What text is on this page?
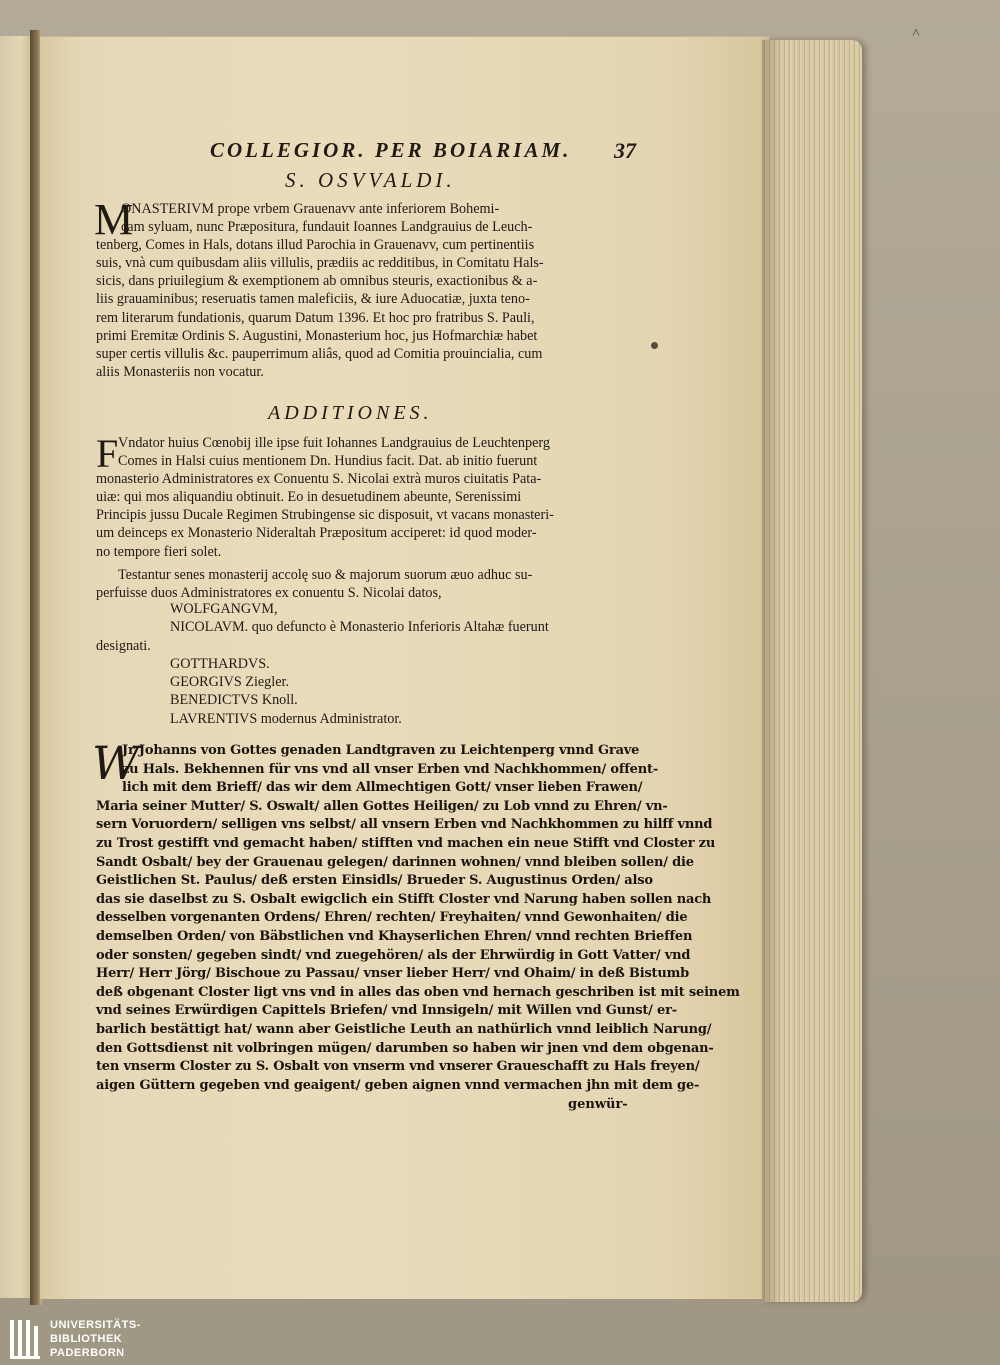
˄
COLLEGIOR. PER BOIARIAM. 37
S. OSVVALDI.
M
ONASTERIVM prope vrbem Grauenavv ante inferiorem Bohemi-
cam syluam, nunc Præpositura, fundauit Ioannes Landgrauius de Leuch-
tenberg, Comes in Hals, dotans illud Parochia in Grauenavv, cum pertinentiis
suis, vnà cum quibusdam aliis villulis, prædiis ac redditibus, in Comitatu Hals-
sicis, dans priuilegium & exemptionem ab omnibus steuris, exactionibus & a-
liis grauaminibus; reseruatis tamen maleficiis, & iure Aduocatiæ, juxta teno-
rem literarum fundationis, quarum Datum 1396. Et hoc pro fratribus S. Pauli,
primi Eremitæ Ordinis S. Augustini, Monasterium hoc, jus Hofmarchiæ habet
super certis villulis &c. pauperrimum aliâs, quod ad Comitia prouincialia, cum
aliis Monasteriis non vocatur.
ADDITIONES.
F Vndator huius Cœnobij ille ipse fuit Iohannes Landgrauius de Leuchtenperg
Comes in Halsi cuius mentionem Dn. Hundius facit. Dat. ab initio fuerunt
monasterio Administratores ex Conuentu S. Nicolai extrà muros ciuitatis Pata-
uiæ: qui mos aliquandiu obtinuit. Eo in desuetudinem abeunte, Serenissimi
Principis jussu Ducale Regimen Strubingense sic disposuit, vt vacans monasteri-
um deinceps ex Monasterio Nideraltah Præpositum acciperet: id quod moder-
no tempore fieri solet.
Testantur senes monasterij accolę suo & majorum suorum æuo adhuc su-
perfuisse duos Administratores ex conuentu S. Nicolai datos,
WOLFGANGVM,
NICOLAVM. quo defuncto è Monasterio Inferioris Altahæ fuerunt
designati.
GOTTHARDVS.
GEORGIVS Ziegler.
BENEDICTVS Knoll.
LAVRENTIVS modernus Administrator.
W
Jr Johanns von Gottes genaden Landtgraven zu Leichtenperg vnnd Grave
zu Hals. Bekhennen für vns vnd all vnser Erben vnd Nachkhommen/ offent-
lich mit dem Brieff/ das wir dem Allmechtigen Gott/ vnser lieben Frawen/
Maria seiner Mutter/ S. Oswalt/ allen Gottes Heiligen/ zu Lob vnnd zu Ehren/ vn-
sern Voruordern/ selligen vns selbst/ all vnsern Erben vnd Nachkhommen zu hilff vnnd
zu Trost gestifft vnd gemacht haben/ stifften vnd machen ein neue Stifft vnd Closter zu
Sandt Osbalt/ bey der Grauenau gelegen/ darinnen wohnen/ vnnd bleiben sollen/ die
Geistlichen St. Paulus/ deß ersten Einsidls/ Brueder S. Augustinus Orden/ also
das sie daselbst zu S. Osbalt ewigclich ein Stifft Closter vnd Narung haben sollen nach
desselben vorgenanten Ordens/ Ehren/ rechten/ Freyhaiten/ vnnd Gewonhaiten/ die
demselben Orden/ von Bäbstlichen vnd Khayserlichen Ehren/ vnnd rechten Brieffen
oder sonsten/ gegeben sindt/ vnd zuegehören/ als der Ehrwürdig in Gott Vatter/ vnd
Herr/ Herr Jörg/ Bischoue zu Passau/ vnser lieber Herr/ vnd Ohaim/ in deß Bistumb
deß obgenant Closter ligt vns vnd in alles das oben vnd hernach geschriben ist mit seinem
vnd seines Erwürdigen Capittels Briefen/ vnd Innsigeln/ mit Willen vnd Gunst/ er-
barlich bestättigt hat/ wann aber Geistliche Leuth an nathürlich vnnd leiblich Narung/
den Gottsdienst nit volbringen mügen/ darumben so haben wir jnen vnd dem obgenan-
ten vnserm Closter zu S. Osbalt von vnserm vnd vnserer Graueschafft zu Hals freyen/
aigen Güttern gegeben vnd geaigent/ geben aignen vnnd vermachen jhn mit dem ge-
genwür-
UNIVERSITÄTS-
BIBLIOTHEK
PADERBORN
